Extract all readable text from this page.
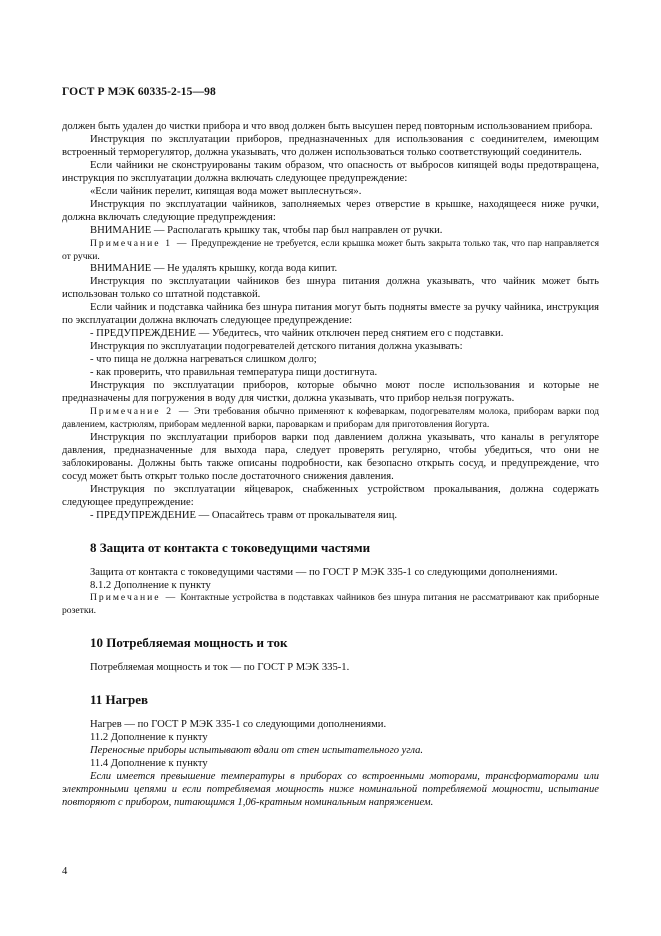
ГОСТ Р МЭК 60335-2-15—98

должен быть удален до чистки прибора и что ввод должен быть высушен перед повторным использованием прибора.

Инструкция по эксплуатации приборов, предназначенных для использования с соединителем, имеющим встроенный терморегулятор, должна указывать, что должен использоваться только соответствующий соединитель.

Если чайники не сконструированы таким образом, что опасность от выбросов кипящей воды предотвращена, инструкция по эксплуатации должна включать следующее предупреждение:

«Если чайник перелит, кипящая вода может выплеснуться».

Инструкция по эксплуатации чайников, заполняемых через отверстие в крышке, находящееся ниже ручки, должна включать следующие предупреждения:

ВНИМАНИЕ — Располагать крышку так, чтобы пар был направлен от ручки.

Примечание 1 — Предупреждение не требуется, если крышка может быть закрыта только так, что пар направляется от ручки.

ВНИМАНИЕ — Не удалять крышку, когда вода кипит.

Инструкция по эксплуатации чайников без шнура питания должна указывать, что чайник может быть использован только со штатной подставкой.

Если чайник и подставка чайника без шнура питания могут быть подняты вместе за ручку чайника, инструкция по эксплуатации должна включать следующее предупреждение:

- ПРЕДУПРЕЖДЕНИЕ — Убедитесь, что чайник отключен перед снятием его с подставки.

Инструкция по эксплуатации подогревателей детского питания должна указывать:

- что пища не должна нагреваться слишком долго;

- как проверить, что правильная температура пищи достигнута.

Инструкция по эксплуатации приборов, которые обычно моют после использования и которые не предназначены для погружения в воду для чистки, должна указывать, что прибор нельзя погружать.

Примечание 2 — Эти требования обычно применяют к кофеваркам, подогревателям молока, приборам варки под давлением, кастрюлям, приборам медленной варки, пароваркам и приборам для приготовления йогурта.

Инструкция по эксплуатации приборов варки под давлением должна указывать, что каналы в регуляторе давления, предназначенные для выхода пара, следует проверять регулярно, чтобы убедиться, что они не заблокированы. Должны быть также описаны подробности, как безопасно открыть сосуд, и предупреждение, что сосуд может быть открыт только после достаточного снижения давления.

Инструкция по эксплуатации яйцеварок, снабженных устройством прокалывания, должна содержать следующее предупреждение:

- ПРЕДУПРЕЖДЕНИЕ — Опасайтесь травм от прокалывателя яиц.

8 Защита от контакта с токоведущими частями

Защита от контакта с токоведущими частями — по ГОСТ Р МЭК 335-1 со следующими дополнениями.

8.1.2 Дополнение к пункту

Примечание — Контактные устройства в подставках чайников без шнура питания не рассматривают как приборные розетки.

10 Потребляемая мощность и ток

Потребляемая мощность и ток — по ГОСТ Р МЭК 335-1.

11 Нагрев

Нагрев — по ГОСТ Р МЭК 335-1 со следующими дополнениями.

11.2 Дополнение к пункту

Переносные приборы испытывают вдали от стен испытательного угла.

11.4 Дополнение к пункту

Если имеется превышение температуры в приборах со встроенными моторами, трансформаторами или электронными цепями и если потребляемая мощность ниже номинальной потребляемой мощности, испытание повторяют с прибором, питающимся 1,06-кратным номинальным напряжением.

4
